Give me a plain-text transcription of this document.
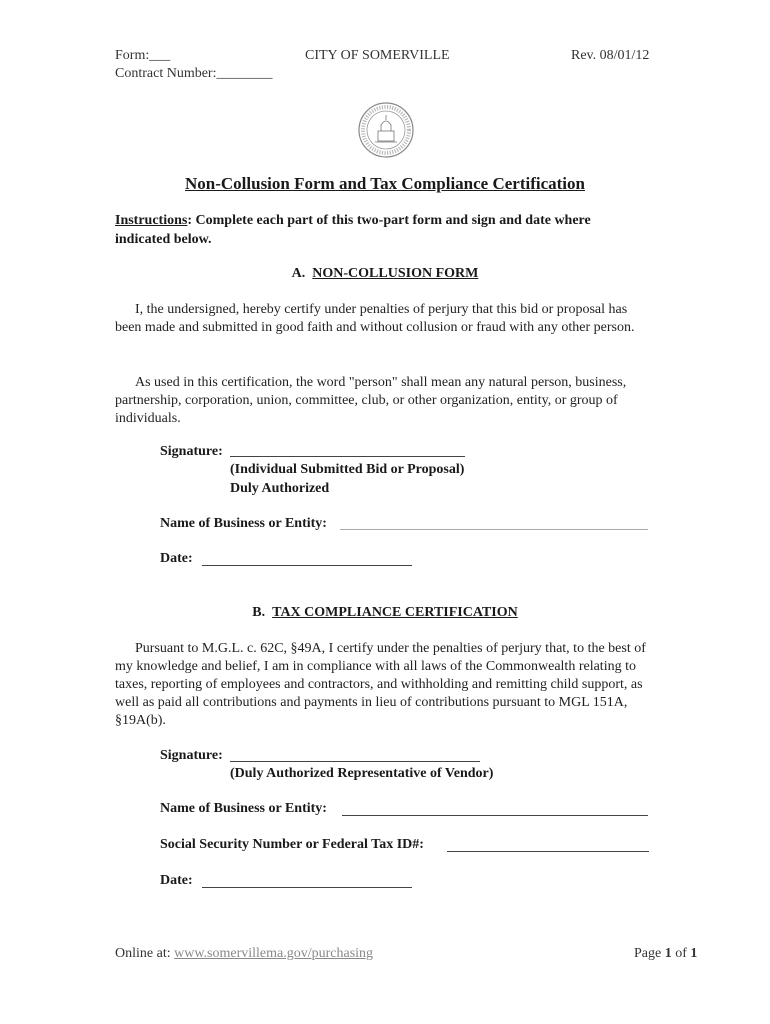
Form:___
Contract Number:________
CITY OF SOMERVILLE	Rev. 08/01/12
Non-Collusion Form and Tax Compliance Certification
Instructions: Complete each part of this two-part form and sign and date where
indicated below.
A. NON-COLLUSION FORM
I, the undersigned, hereby certify under penalties of perjury that this bid or proposal has been made and submitted in good faith and without collusion or fraud with any other person.
As used in this certification, the word "person" shall mean any natural person, business, partnership, corporation, union, committee, club, or other organization, entity, or group of individuals.
Signature:
(Individual Submitted Bid or Proposal)
Duly Authorized
Name of Business or Entity:
Date:
B. TAX COMPLIANCE CERTIFICATION
Pursuant to M.G.L. c. 62C, §49A, I certify under the penalties of perjury that, to the best of my knowledge and belief, I am in compliance with all laws of the Commonwealth relating to taxes, reporting of employees and contractors, and withholding and remitting child support, as well as paid all contributions and payments in lieu of contributions pursuant to MGL 151A, §19A(b).
Signature:
(Duly Authorized Representative of Vendor)
Name of Business or Entity:
Social Security Number or Federal Tax ID#:
Date:
Online at: www.somervillema.gov/purchasing	Page 1 of 1
